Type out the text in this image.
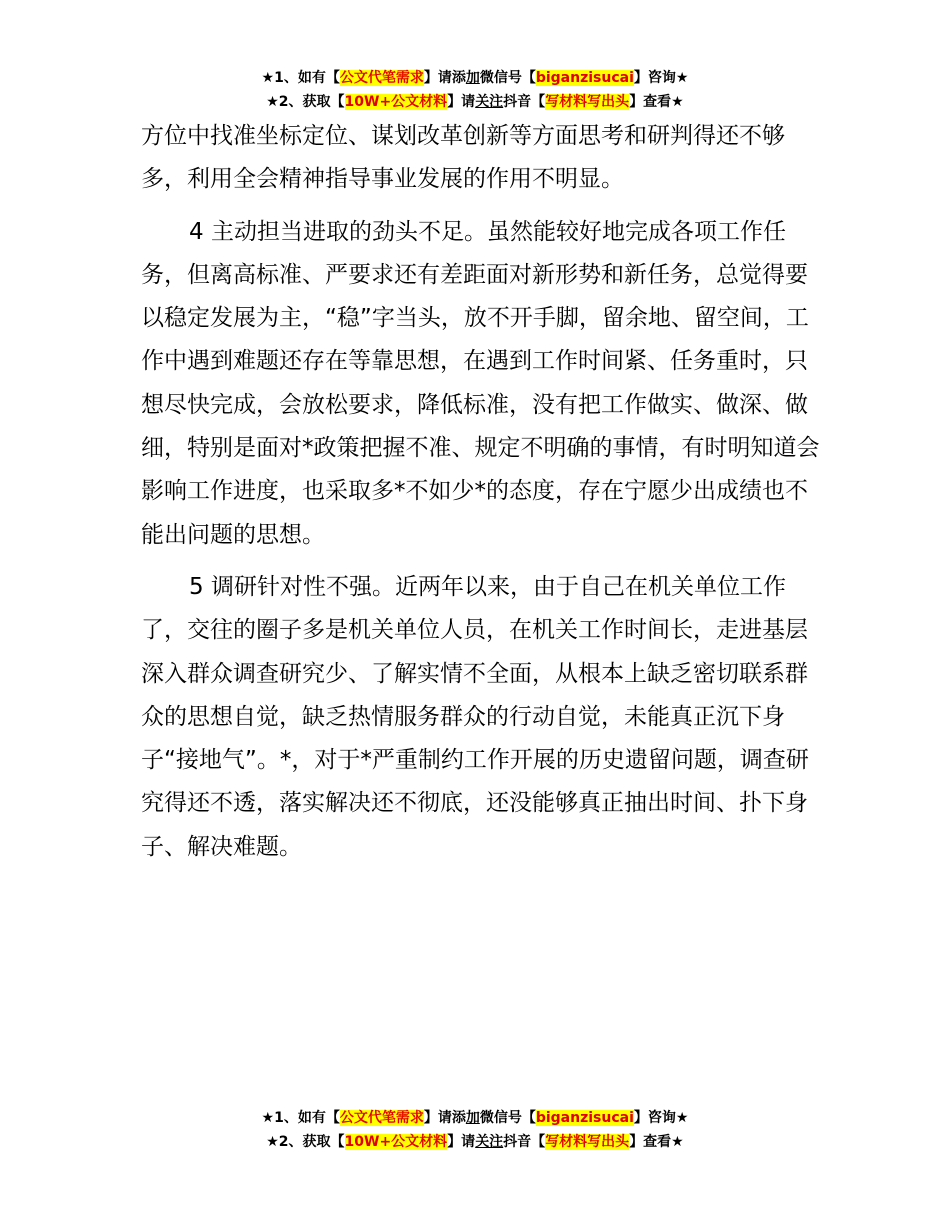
★1、如有【公文代笔需求】请添加微信号【biganzisucai】咨询★
★2、获取【10W+公文材料】请关注抖音【写材料写出头】查看★

方位中找准坐标定位、谋划改革创新等方面思考和研判得还不够多，利用全会精神指导事业发展的作用不明显。

4 主动担当进取的劲头不足。虽然能较好地完成各项工作任务，但离高标准、严要求还有差距面对新形势和新任务，总觉得要以稳定发展为主，“稳”字当头，放不开手脚，留余地、留空间，工作中遇到难题还存在等靠思想，在遇到工作时间紧、任务重时，只想尽快完成，会放松要求，降低标准，没有把工作做实、做深、做细，特别是面对*政策把握不准、规定不明确的事情，有时明知道会影响工作进度，也采取多*不如少*的态度，存在宁愿少出成绩也不能出问题的思想。

5 调研针对性不强。近两年以来，由于自己在机关单位工作了，交往的圈子多是机关单位人员，在机关工作时间长，走进基层深入群众调查研究少、了解实情不全面，从根本上缺乏密切联系群众的思想自觉，缺乏热情服务群众的行动自觉，未能真正沉下身子“接地气”。*，对于*严重制约工作开展的历史遗留问题，调查研究得还不透，落实解决还不彻底，还没能够真正抽出时间、扑下身子、解决难题。

★1、如有【公文代笔需求】请添加微信号【biganzisucai】咨询★
★2、获取【10W+公文材料】请关注抖音【写材料写出头】查看★
